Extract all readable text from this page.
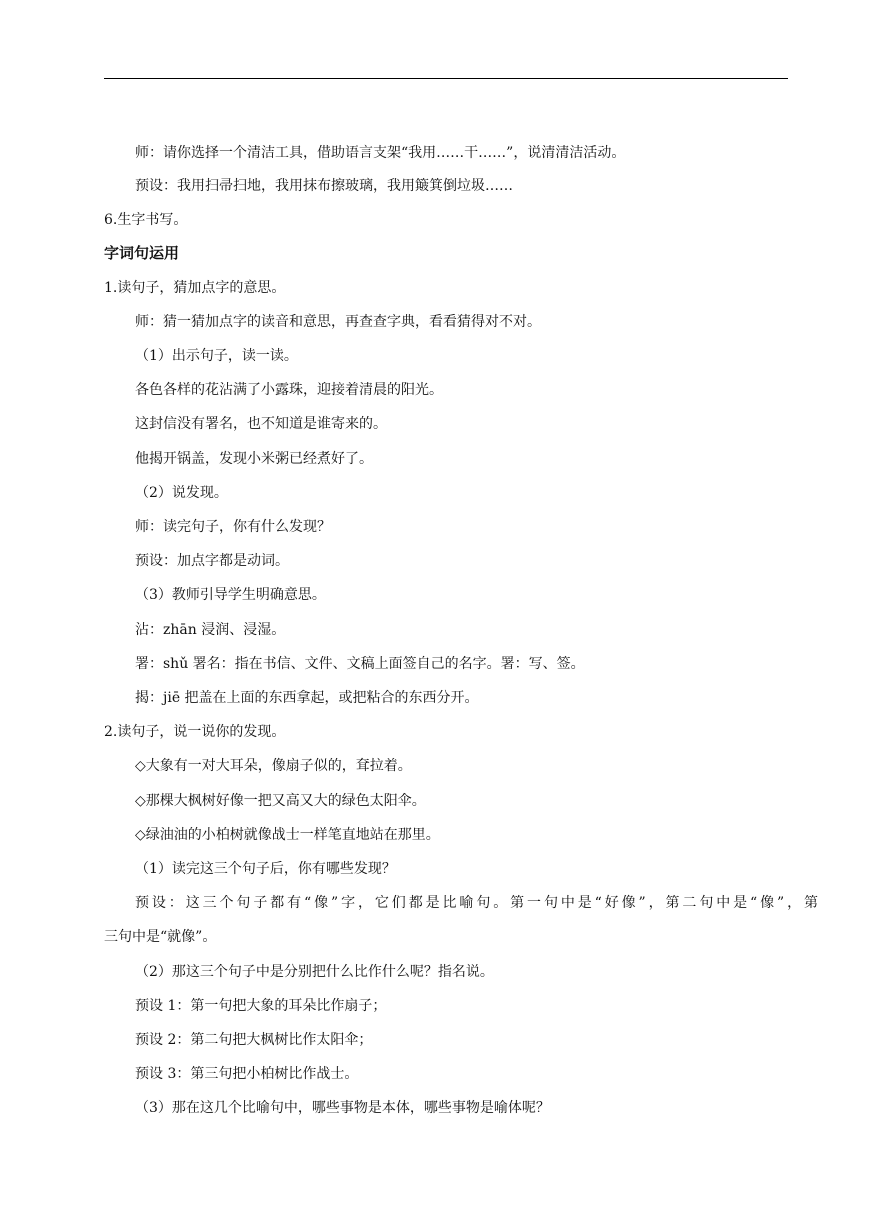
师：请你选择一个清洁工具，借助语言支架“我用……干……”，说清清洁活动。
预设：我用扫帚扫地，我用抹布擦玻璃，我用簸箕倒垃圾……
6.生字书写。
字词句运用
1.读句子，猜加点字的意思。
师：猜一猜加点字的读音和意思，再查查字典，看看猜得对不对。
（1）出示句子，读一读。
各色各样的花沾满了小露珠，迎接着清晨的阳光。
这封信没有署名，也不知道是谁寄来的。
他揭开锅盖，发现小米粥已经煮好了。
（2）说发现。
师：读完句子，你有什么发现？
预设：加点字都是动词。
（3）教师引导学生明确意思。
沾：zhān 浸润、浸湿。
署：shǔ 署名：指在书信、文件、文稿上面签自己的名字。署：写、签。
揭：jiē 把盖在上面的东西拿起，或把粘合的东西分开。
2.读句子，说一说你的发现。
◇大象有一对大耳朵，像扇子似的，耷拉着。
◇那棵大枫树好像一把又高又大的绿色太阳伞。
◇绿油油的小柏树就像战士一样笔直地站在那里。
（1）读完这三个句子后，你有哪些发现？
预设：这三个句子都有“像”字，它们都是比喻句。第一句中是“好像”，第二句中是“像”，第
三句中是“就像”。
（2）那这三个句子中是分别把什么比作什么呢？指名说。
预设 1：第一句把大象的耳朵比作扇子；
预设 2：第二句把大枫树比作太阳伞；
预设 3：第三句把小柏树比作战士。
（3）那在这几个比喻句中，哪些事物是本体，哪些事物是喻体呢？
